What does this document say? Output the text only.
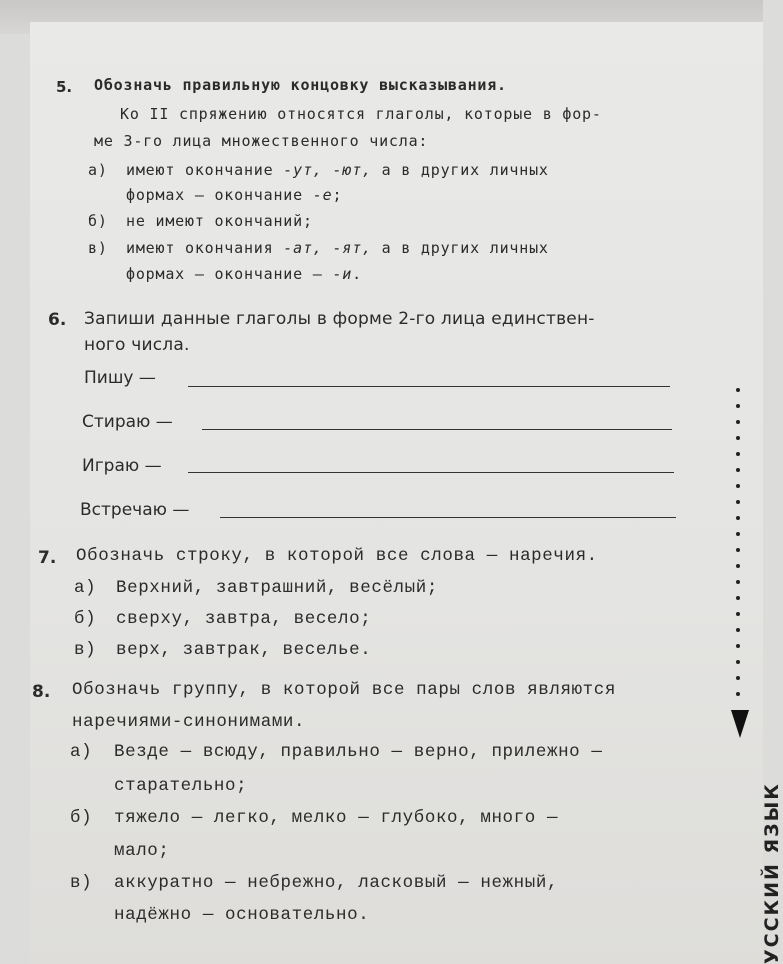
5. Обозначь правильную концовку высказывания.
Ко II спряжению относятся глаголы, которые в фор-
ме 3-го лица множественного числа:
а) имеют окончание -ут, -ют, а в других личных
формах — окончание -е;
б) не имеют окончаний;
в) имеют окончания -ат, -ят, а в других личных
формах — окончание — -и.
6. Запиши данные глаголы в форме 2-го лица единствен-
ного числа.
Пишу —
Стираю —
Играю —
Встречаю —
7. Обозначь строку, в которой все слова — наречия.
а) Верхний, завтрашний, весёлый;
б) сверху, завтра, весело;
в) верх, завтрак, веселье.
8. Обозначь группу, в которой все пары слов являются
наречиями-синонимами.
а) Везде — всюду, правильно — верно, прилежно —
старательно;
б) тяжело — легко, мелко — глубоко, много —
мало;
в) аккуратно — небрежно, ласковый — нежный,
надёжно — основательно.	УССКИЙ ЯЗЫК
